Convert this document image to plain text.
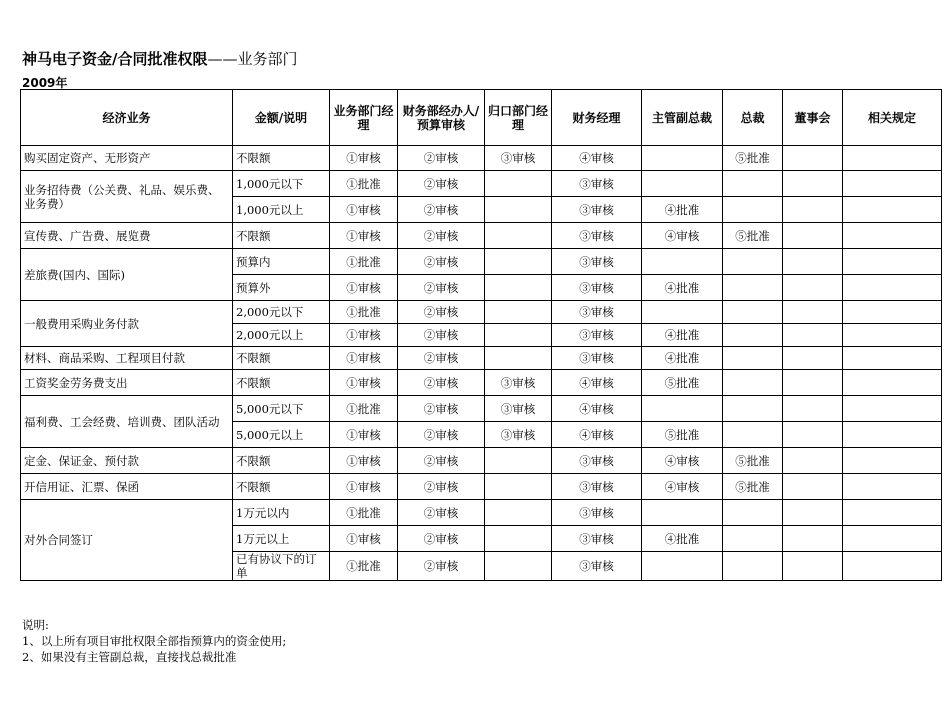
神马电子资金/合同批准权限——业务部门
2009年
经济业务	金额/说明	业务部门经理	财务部经办人/预算审核	归口部门经理	财务经理	主管副总裁	总裁	董事会	相关规定
购买固定资产、无形资产	不限额	①审核	②审核	③审核	④审核		⑤批准		
业务招待费（公关费、礼品、娱乐费、业务费）	1,000元以下	①批准	②审核		③审核				
	1,000元以上	①审核	②审核		③审核	④批准			
宣传费、广告费、展览费	不限额	①审核	②审核		③审核	④审核	⑤批准		
差旅费(国内、国际)	预算内	①批准	②审核		③审核				
	预算外	①审核	②审核		③审核	④批准			
一般费用采购业务付款	2,000元以下	①批准	②审核		③审核				
	2,000元以上	①审核	②审核		③审核	④批准			
材料、商品采购、工程项目付款	不限额	①审核	②审核		③审核	④批准			
工资奖金劳务费支出	不限额	①审核	②审核	③审核	④审核	⑤批准			
福利费、工会经费、培训费、团队活动	5,000元以下	①批准	②审核	③审核	④审核				
	5,000元以上	①审核	②审核	③审核	④审核	⑤批准			
定金、保证金、预付款	不限额	①审核	②审核		③审核	④审核	⑤批准		
开信用证、汇票、保函	不限额	①审核	②审核		③审核	④审核	⑤批准		
对外合同签订	1万元以内	①批准	②审核		③审核				
	1万元以上	①审核	②审核		③审核	④批准			
	已有协议下的订单	①批准	②审核		③审核				
说明:
1、以上所有项目审批权限全部指预算内的资金使用;
2、如果没有主管副总裁，直接找总裁批准
